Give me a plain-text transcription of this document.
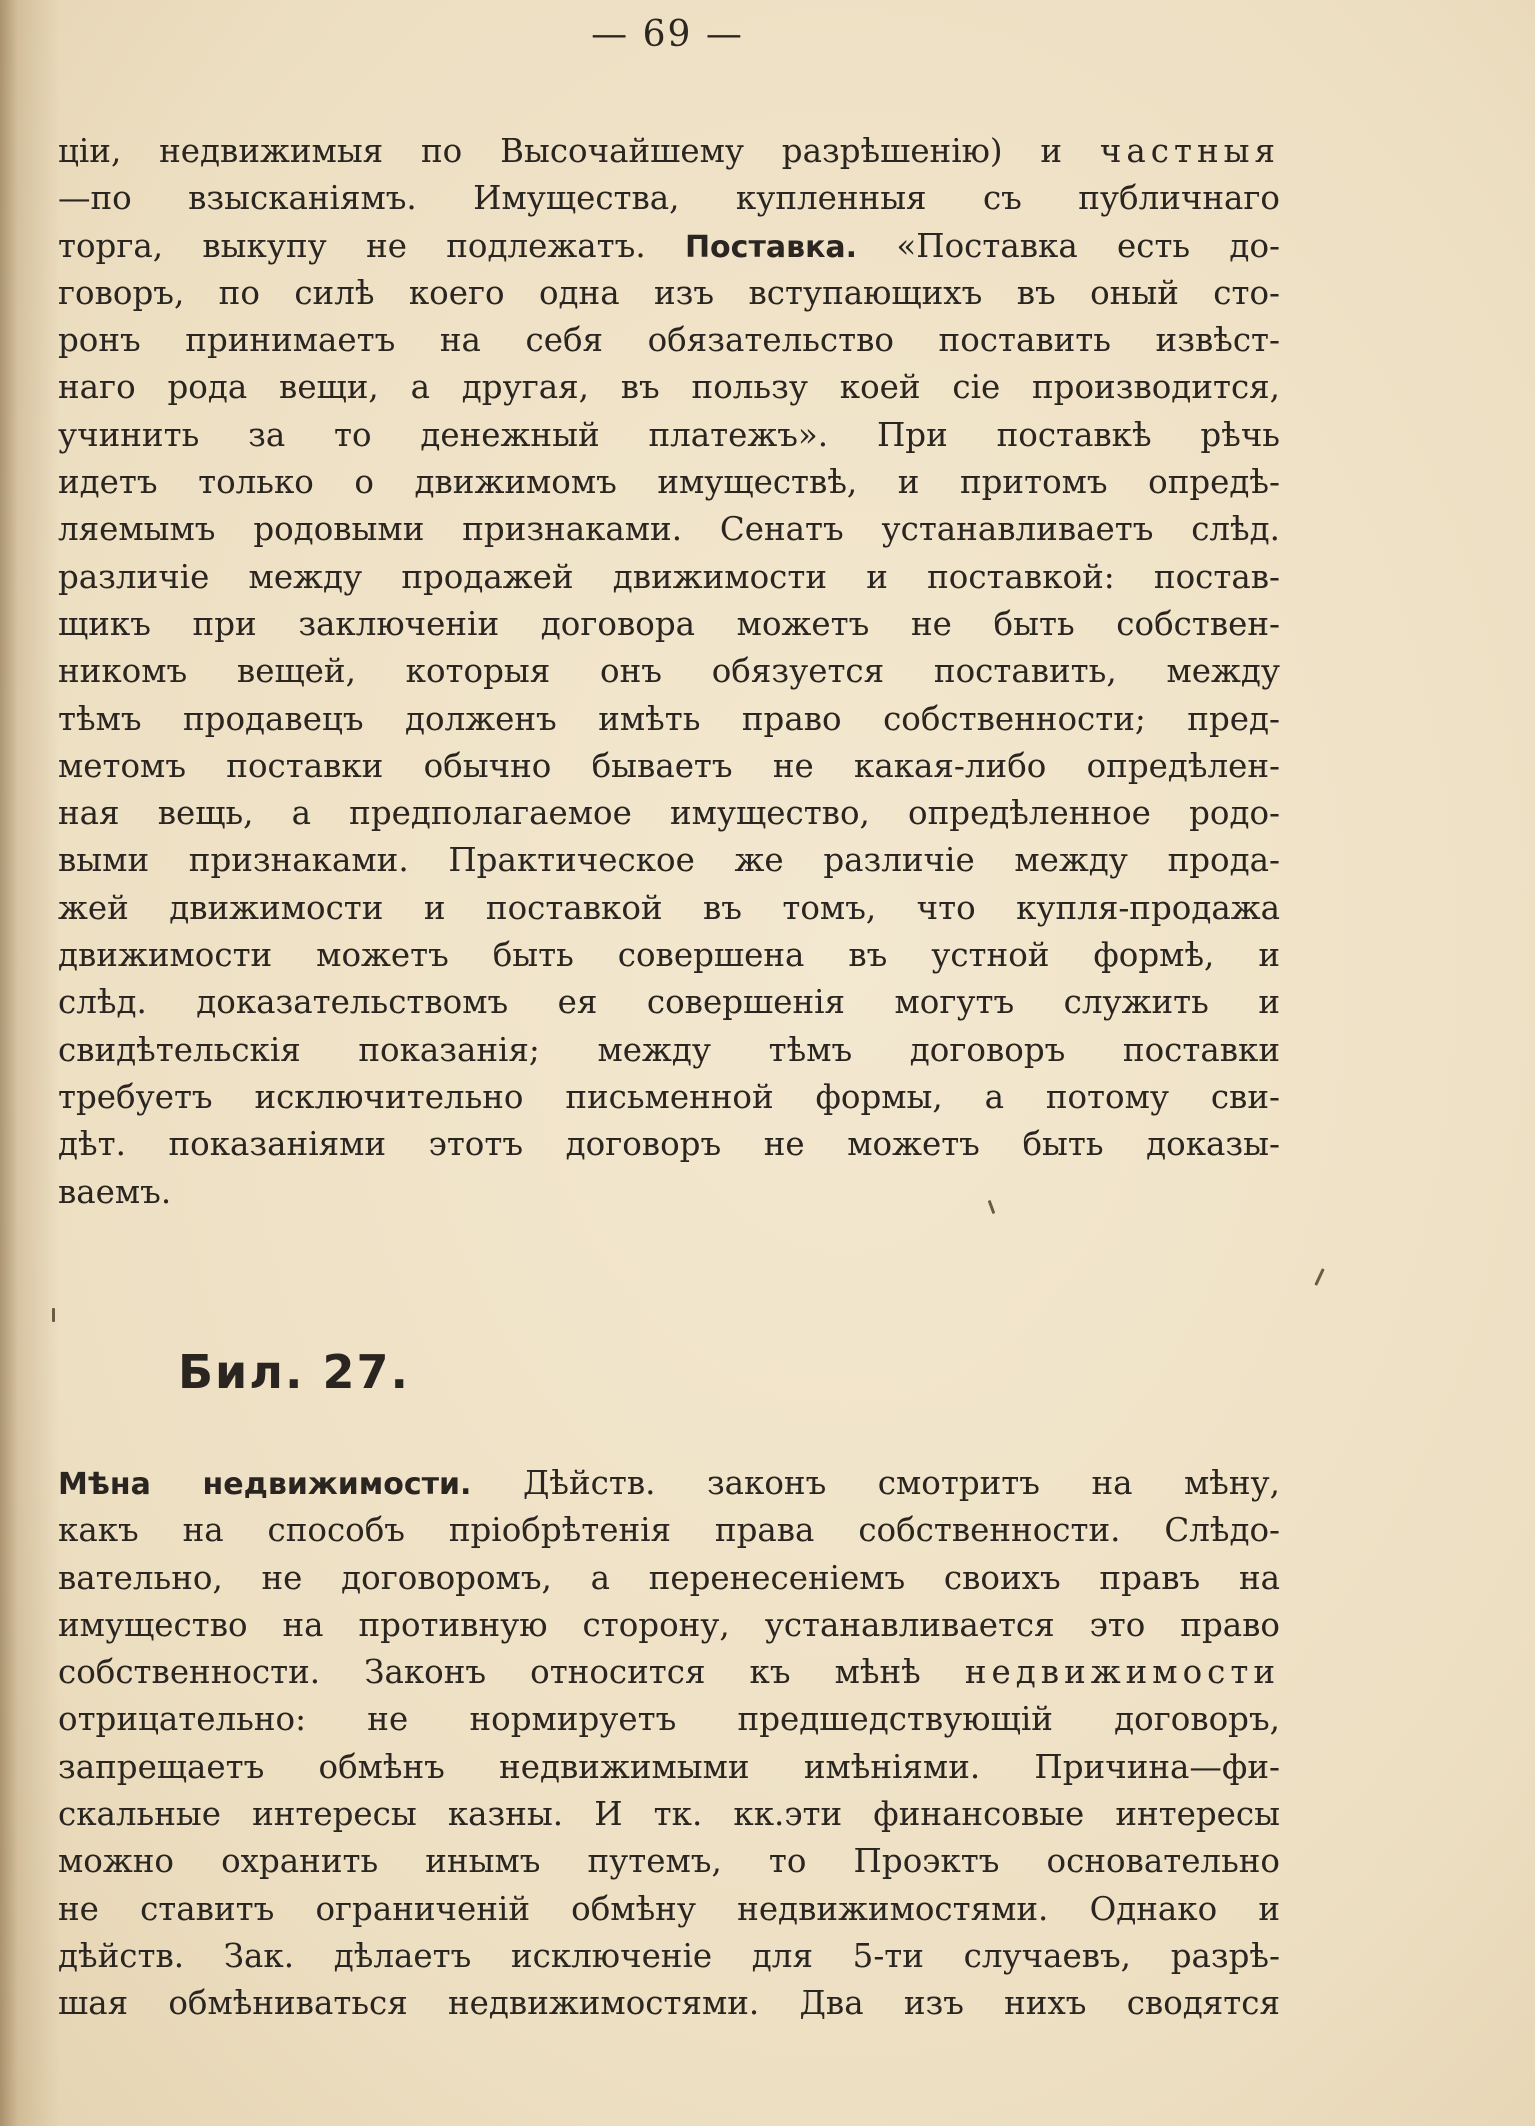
— 69 —
ціи, недвижимыя по Высочайшему разрѣшенію) и частныя
—по взысканіямъ. Имущества, купленныя съ публичнаго
торга, выкупу не подлежатъ. Поставка. «Поставка есть до-
говоръ, по силѣ коего одна изъ вступающихъ въ оный сто-
ронъ принимаетъ на себя обязательство поставить извѣст-
наго рода вещи, а другая, въ пользу коей сіе производится,
учинить за то денежный платежъ». При поставкѣ рѣчь
идетъ только о движимомъ имуществѣ, и притомъ опредѣ-
ляемымъ родовыми признаками. Сенатъ устанавливаетъ слѣд.
различіе между продажей движимости и поставкой: постав-
щикъ при заключеніи договора можетъ не быть собствен-
никомъ вещей, которыя онъ обязуется поставить, между
тѣмъ продавецъ долженъ имѣть право собственности; пред-
метомъ поставки обычно бываетъ не какая-либо опредѣлен-
ная вещь, а предполагаемое имущество, опредѣленное родо-
выми признаками. Практическое же различіе между прода-
жей движимости и поставкой въ томъ, что купля-продажа
движимости можетъ быть совершена въ устной формѣ, и
слѣд. доказательствомъ ея совершенія могутъ служить и
свидѣтельскія показанія; между тѣмъ договоръ поставки
требуетъ исключительно письменной формы, а потому сви-
дѣт. показаніями этотъ договоръ не можетъ быть доказы-
ваемъ.
Бил. 27.
Мѣна недвижимости. Дѣйств. законъ смотритъ на мѣну,
какъ на способъ пріобрѣтенія права собственности. Слѣдо-
вательно, не договоромъ, а перенесеніемъ своихъ правъ на
имущество на противную сторону, устанавливается это право
собственности. Законъ относится къ мѣнѣ недвижимости
отрицательно: не нормируетъ предшедствующій договоръ,
запрещаетъ обмѣнъ недвижимыми имѣніями. Причина—фи-
скальные интересы казны. И тк. кк.эти финансовые интересы
можно охранить инымъ путемъ, то Проэктъ основательно
не ставитъ ограниченій обмѣну недвижимостями. Однако и
дѣйств. Зак. дѣлаетъ исключеніе для 5-ти случаевъ, разрѣ-
шая обмѣниваться недвижимостями. Два изъ нихъ сводятся
